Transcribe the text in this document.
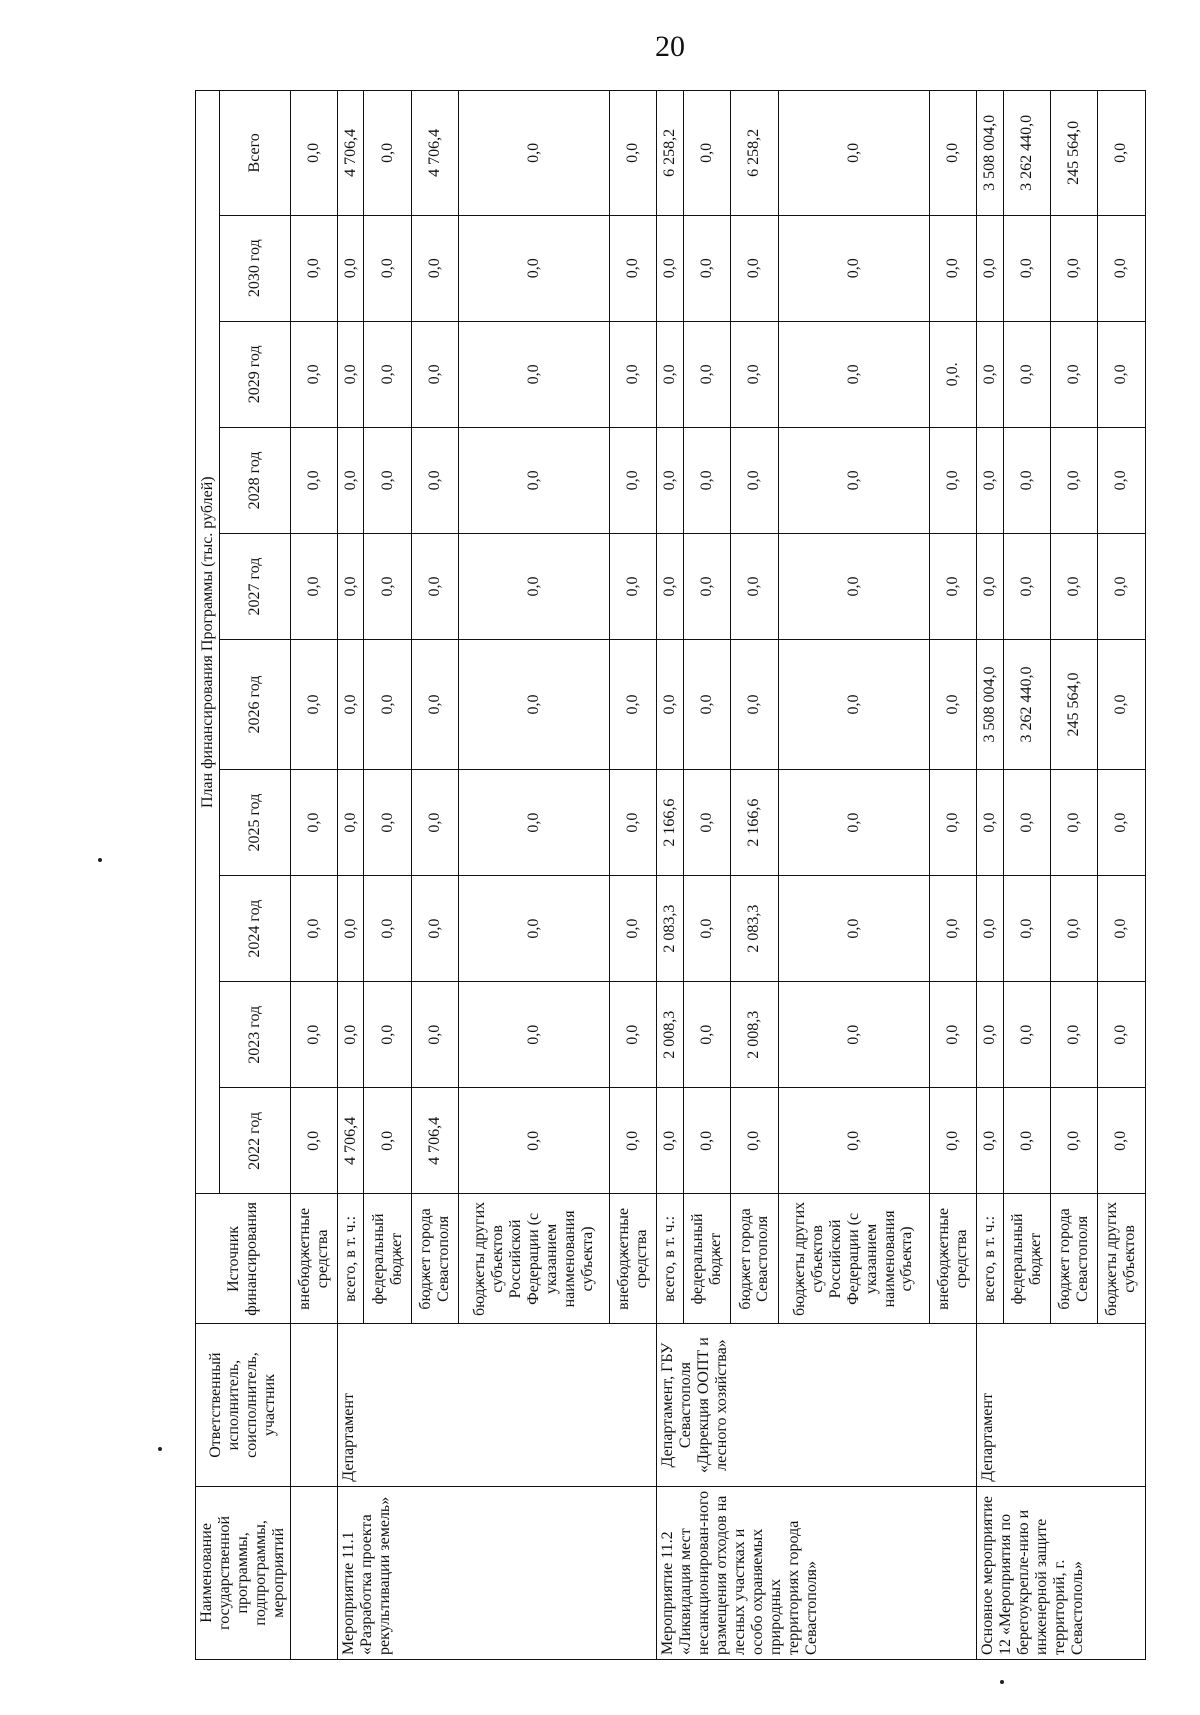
20
Наименование государственной программы, подпрограммы, мероприятий	Ответственный исполнитель, соисполнитель, участник	Источник финансирования	План финансирования Программы (тыс. рублей)									
			2022 год	2023 год	2024 год	2025 год	2026 год	2027 год	2028 год	2029 год	2030 год	Всего
		внебюджетные средства	0,0	0,0	0,0	0,0	0,0	0,0	0,0	0,0	0,0	0,0
Мероприятие 11.1 «Разработка проекта рекультивации земель»	Департамент	всего, в т. ч.:	4 706,4	0,0	0,0	0,0	0,0	0,0	0,0	0,0	0,0	4 706,4
		федеральный бюджет	0,0	0,0	0,0	0,0	0,0	0,0	0,0	0,0	0,0	0,0
		бюджет города Севастополя	4 706,4	0,0	0,0	0,0	0,0	0,0	0,0	0,0	0,0	4 706,4
		бюджеты других субъектов Российской Федерации (с указанием наименования субъекта)	0,0	0,0	0,0	0,0	0,0	0,0	0,0	0,0	0,0	0,0
		внебюджетные средства	0,0	0,0	0,0	0,0	0,0	0,0	0,0	0,0	0,0	0,0
Мероприятие 11.2 «Ликвидация мест несанкционирован-ного размещения отходов на лесных участках и особо охраняемых природных территориях города Севастополя»	Департамент, ГБУ Севастополя «Дирекция ООПТ и лесного хозяйства»	всего, в т. ч.:	0,0	2 008,3	2 083,3	2 166,6	0,0	0,0	0,0	0,0	0,0	6 258,2
		федеральный бюджет	0,0	0,0	0,0	0,0	0,0	0,0	0,0	0,0	0,0	0,0
		бюджет города Севастополя	0,0	2 008,3	2 083,3	2 166,6	0,0	0,0	0,0	0,0	0,0	6 258,2
		бюджеты других субъектов Российской Федерации (с указанием наименования субъекта)	0,0	0,0	0,0	0,0	0,0	0,0	0,0	0,0	0,0	0,0
		внебюджетные средства	0,0	0,0	0,0	0,0	0,0	0,0	0,0	0,0.	0,0	0,0
Основное мероприятие 12 «Мероприятия по берегоукрепле-нию и инженерной защите территорий, г. Севастополь»	Департамент	всего, в т. ч.:	0,0	0,0	0,0	0,0	3 508 004,0	0,0	0,0	0,0	0,0	3 508 004,0
		федеральный бюджет	0,0	0,0	0,0	0,0	3 262 440,0	0,0	0,0	0,0	0,0	3 262 440,0
		бюджет города Севастополя	0,0	0,0	0,0	0,0	245 564,0	0,0	0,0	0,0	0,0	245 564,0
		бюджеты других субъектов	0,0	0,0	0,0	0,0	0,0	0,0	0,0	0,0	0,0	0,0
